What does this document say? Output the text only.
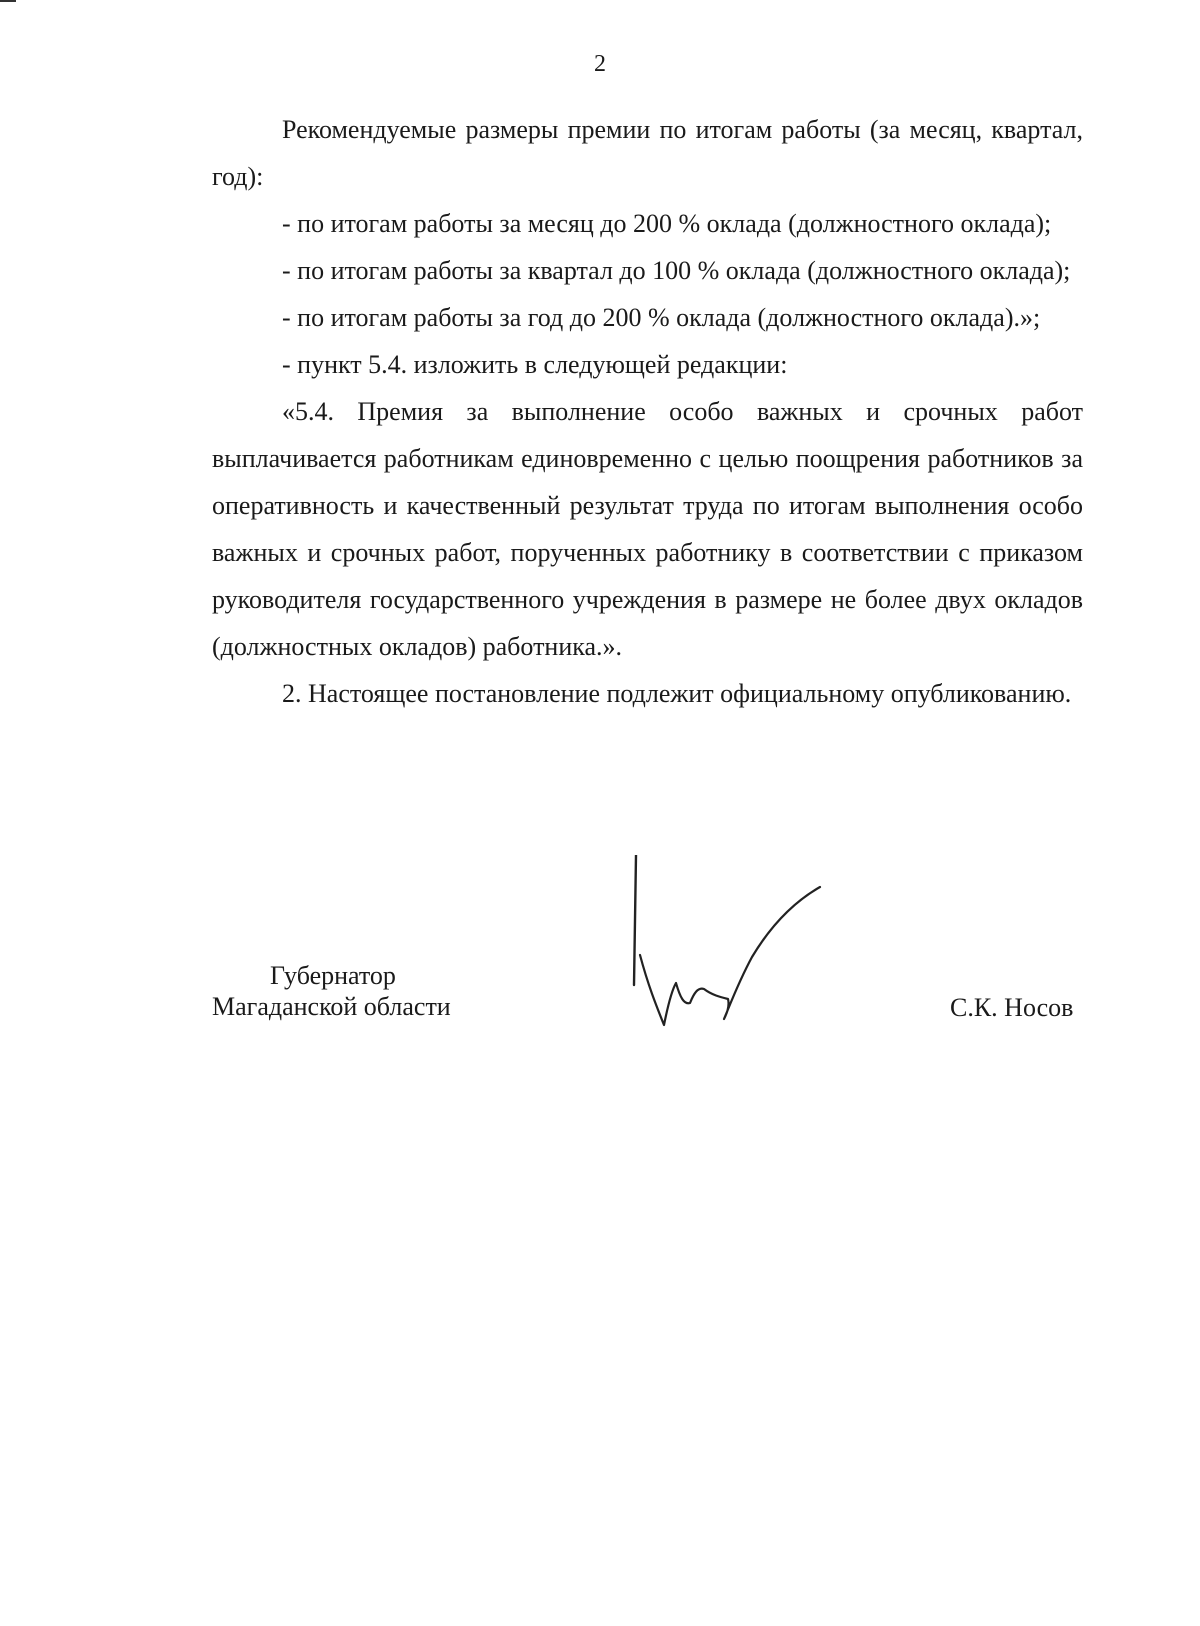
2

Рекомендуемые размеры премии по итогам работы (за месяц, квартал, год):

- по итогам работы за месяц до 200 % оклада (должностного оклада);

- по итогам работы за квартал до 100 % оклада (должностного оклада);

- по итогам работы за год до 200 % оклада (должностного оклада).»;

- пункт 5.4. изложить в следующей редакции:

«5.4. Премия за выполнение особо важных и срочных работ выплачивается работникам единовременно с целью поощрения работников за оперативность и качественный результат труда по итогам выполнения особо важных и срочных работ, порученных работнику в соответствии с приказом руководителя государственного учреждения в размере не более двух окладов (должностных окладов) работника.».

2. Настоящее постановление подлежит официальному опубликованию.

Губернатор
Магаданской области	С.К. Носов
